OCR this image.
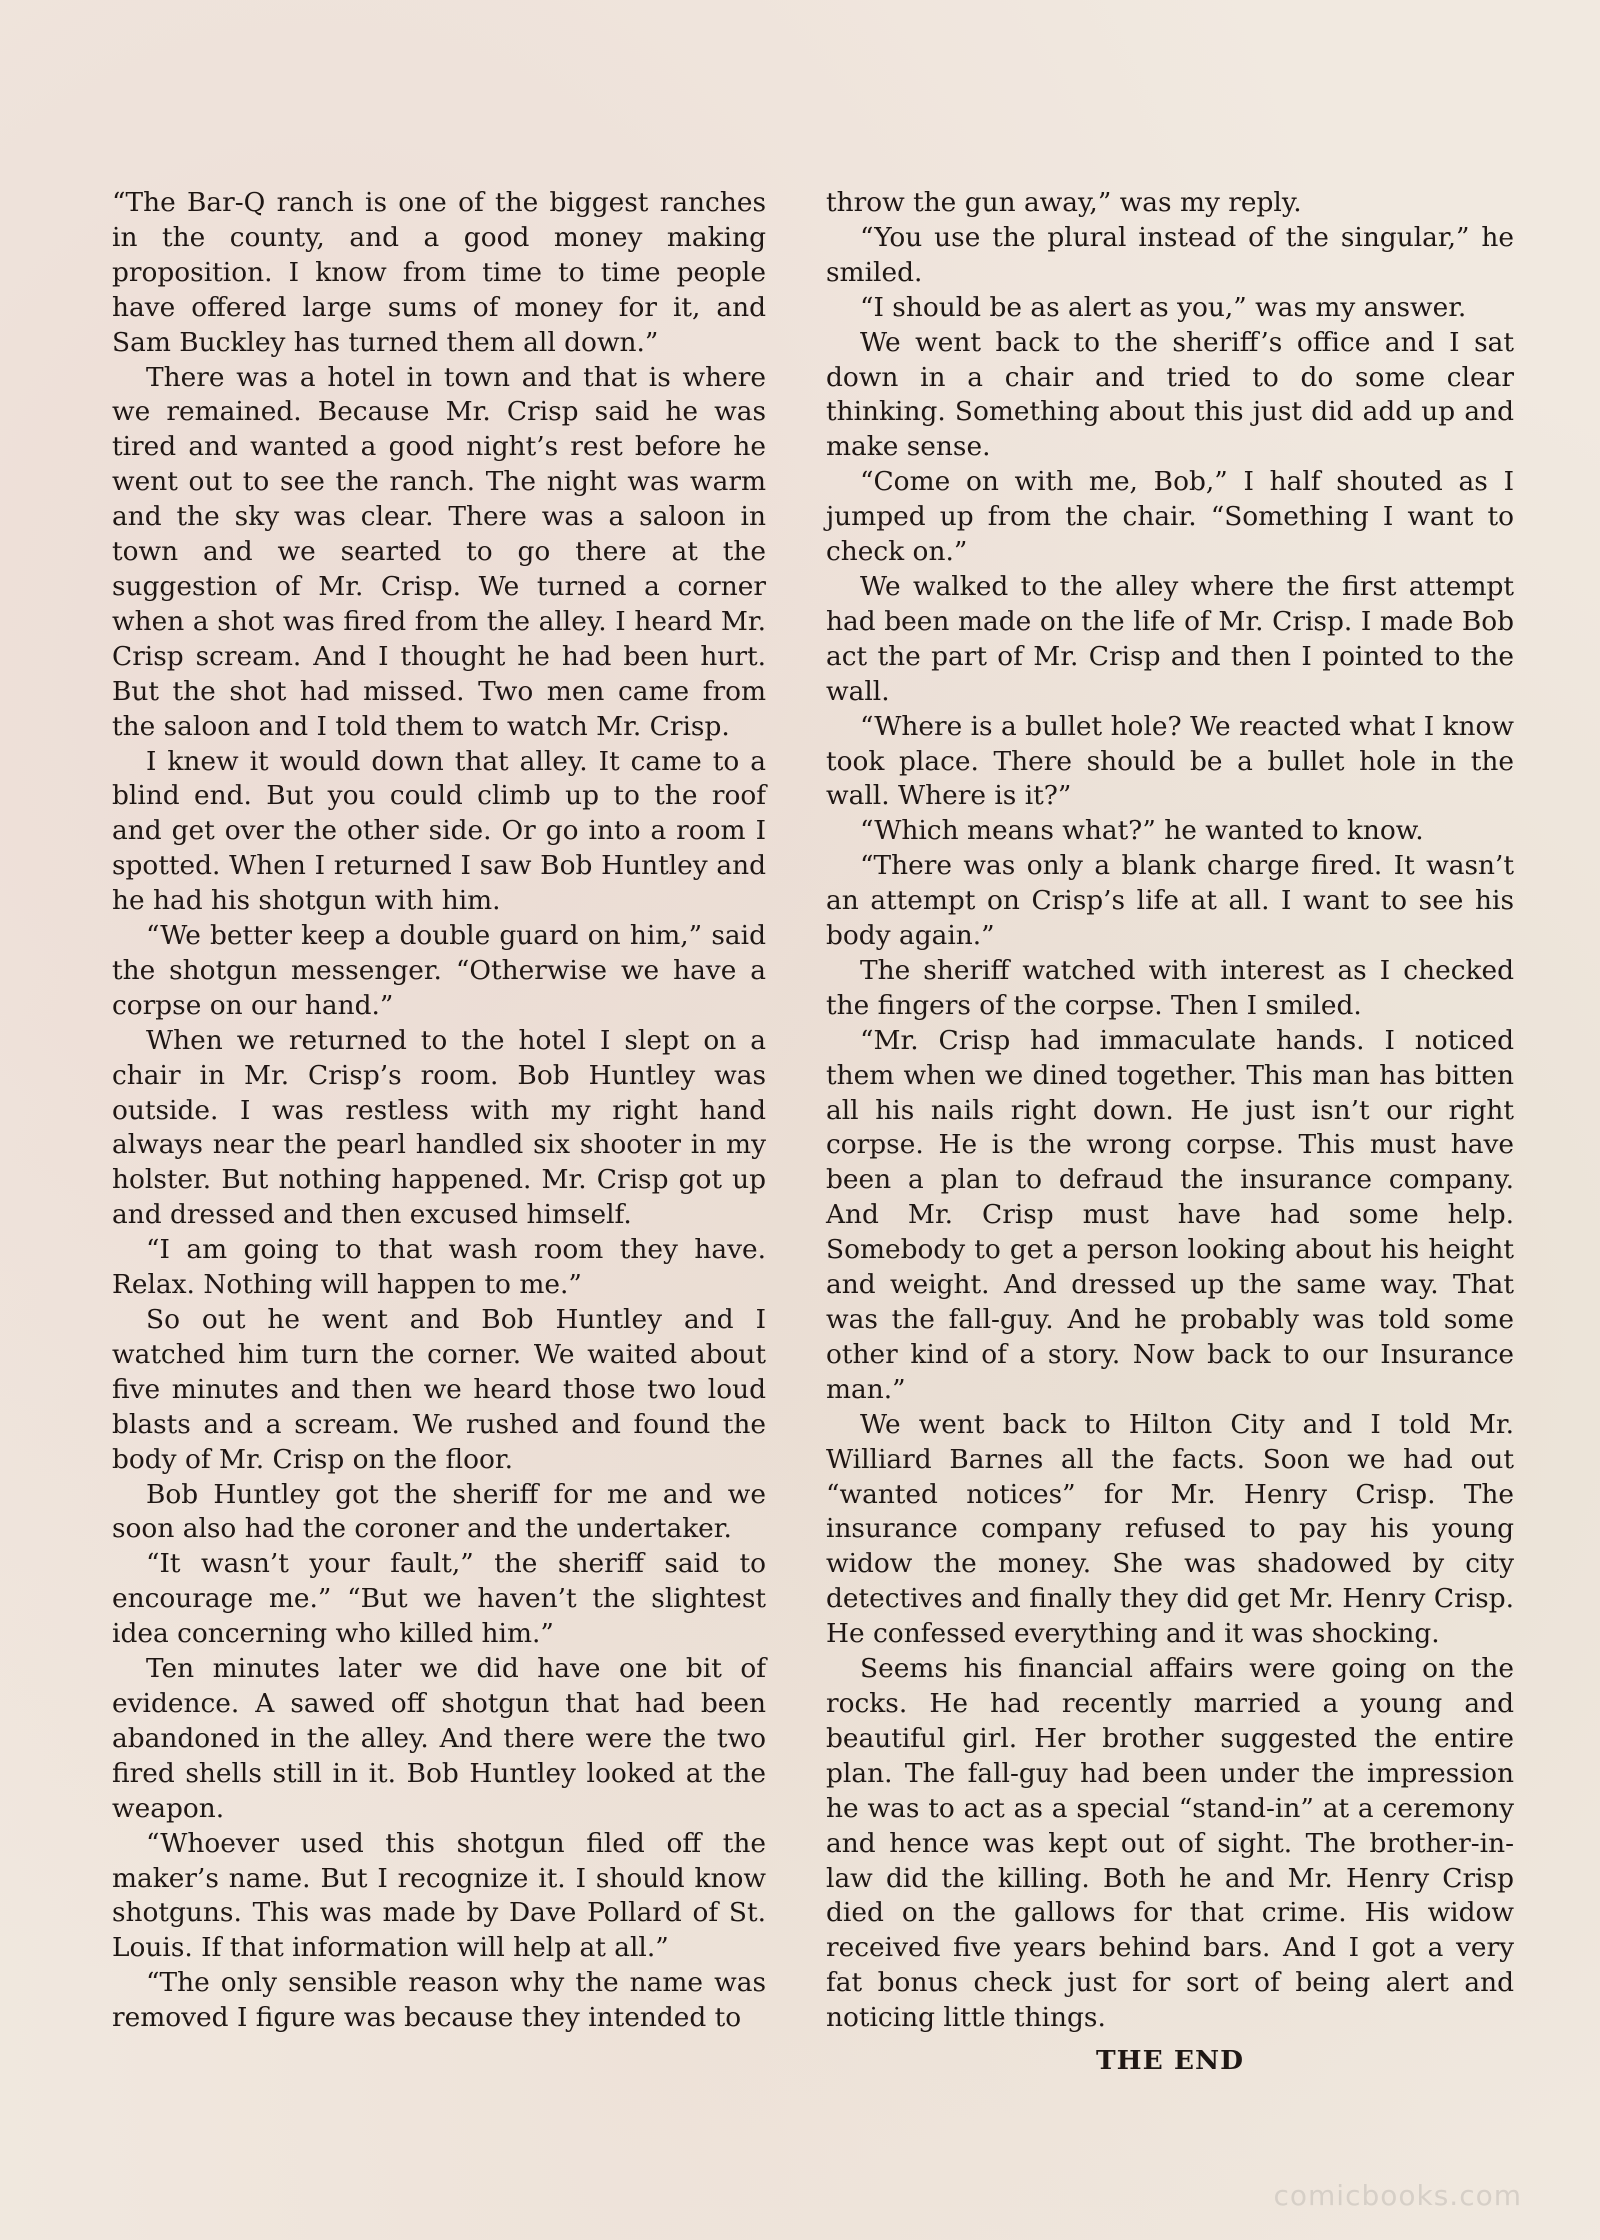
“The Bar-Q ranch is one of the biggest ranches in the county, and a good money making proposition. I know from time to time people have offered large sums of money for it, and Sam Buckley has turned them all down.”

There was a hotel in town and that is where we remained. Because Mr. Crisp said he was tired and wanted a good night’s rest before he went out to see the ranch. The night was warm and the sky was clear. There was a saloon in town and we searted to go there at the suggestion of Mr. Crisp. We turned a corner when a shot was fired from the alley. I heard Mr. Crisp scream. And I thought he had been hurt. But the shot had missed. Two men came from the saloon and I told them to watch Mr. Crisp.

I knew it would down that alley. It came to a blind end. But you could climb up to the roof and get over the other side. Or go into a room I spotted. When I returned I saw Bob Huntley and he had his shotgun with him.

“We better keep a double guard on him,” said the shotgun messenger. “Otherwise we have a corpse on our hand.”

When we returned to the hotel I slept on a chair in Mr. Crisp’s room. Bob Huntley was outside. I was restless with my right hand always near the pearl handled six shooter in my holster. But nothing happened. Mr. Crisp got up and dressed and then excused himself.

“I am going to that wash room they have. Relax. Nothing will happen to me.”

So out he went and Bob Huntley and I watched him turn the corner. We waited about five minutes and then we heard those two loud blasts and a scream. We rushed and found the body of Mr. Crisp on the floor.

Bob Huntley got the sheriff for me and we soon also had the coroner and the undertaker.

“It wasn’t your fault,” the sheriff said to encourage me.” “But we haven’t the slightest idea concerning who killed him.”

Ten minutes later we did have one bit of evidence. A sawed off shotgun that had been abandoned in the alley. And there were the two fired shells still in it. Bob Huntley looked at the weapon.

“Whoever used this shotgun filed off the maker’s name. But I recognize it. I should know shotguns. This was made by Dave Pollard of St. Louis. If that information will help at all.”

“The only sensible reason why the name was removed I figure was because they intended to

throw the gun away,” was my reply.

“You use the plural instead of the singular,” he smiled.

“I should be as alert as you,” was my answer.

We went back to the sheriff’s office and I sat down in a chair and tried to do some clear thinking. Something about this just did add up and make sense.

“Come on with me, Bob,” I half shouted as I jumped up from the chair. “Something I want to check on.”

We walked to the alley where the first attempt had been made on the life of Mr. Crisp. I made Bob act the part of Mr. Crisp and then I pointed to the wall.

“Where is a bullet hole? We reacted what I know took place. There should be a bullet hole in the wall. Where is it?”

“Which means what?” he wanted to know.

“There was only a blank charge fired. It wasn’t an attempt on Crisp’s life at all. I want to see his body again.”

The sheriff watched with interest as I checked the fingers of the corpse. Then I smiled.

“Mr. Crisp had immaculate hands. I noticed them when we dined together. This man has bitten all his nails right down. He just isn’t our right corpse. He is the wrong corpse. This must have been a plan to defraud the insurance company. And Mr. Crisp must have had some help. Somebody to get a person looking about his height and weight. And dressed up the same way. That was the fall-guy. And he probably was told some other kind of a story. Now back to our Insurance man.”

We went back to Hilton City and I told Mr. Williard Barnes all the facts. Soon we had out “wanted notices” for Mr. Henry Crisp. The insurance company refused to pay his young widow the money. She was shadowed by city detectives and finally they did get Mr. Henry Crisp. He confessed everything and it was shocking.

Seems his financial affairs were going on the rocks. He had recently married a young and beautiful girl. Her brother suggested the entire plan. The fall-guy had been under the impression he was to act as a special “stand-in” at a ceremony and hence was kept out of sight. The brother-in-law did the killing. Both he and Mr. Henry Crisp died on the gallows for that crime. His widow received five years behind bars. And I got a very fat bonus check just for sort of being alert and noticing little things.

THE END

comicbooks.com
